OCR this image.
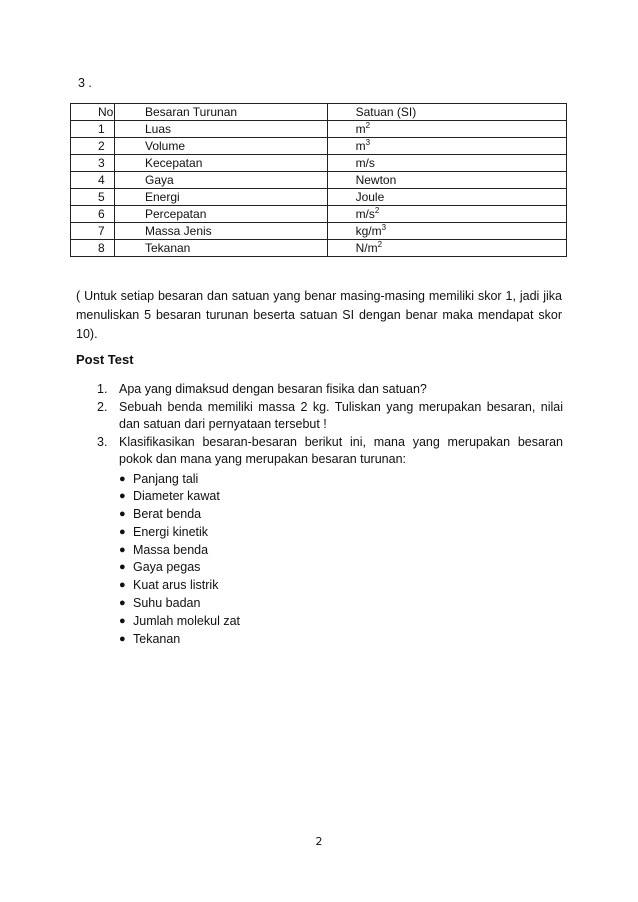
3 .
No	Besaran Turunan	Satuan (SI)
1	Luas	$m^2$
2	Volume	$m^3$
3	Kecepatan	m/s
4	Gaya	Newton
5	Energi	Joule
6	Percepatan	$m/s^2$
7	Massa Jenis	$kg/m^3$
8	Tekanan	$N/m^2$
( Untuk setiap besaran dan satuan yang benar masing-masing memiliki skor 1, jadi jika menuliskan 5 besaran turunan beserta satuan SI dengan benar maka mendapat skor 10).
Post Test
1. Apa yang dimaksud dengan besaran fisika dan satuan?
2. Sebuah benda memiliki massa 2 kg. Tuliskan yang merupakan besaran, nilai dan satuan dari pernyataan tersebut !
3. Klasifikasikan besaran-besaran berikut ini, mana yang merupakan besaran pokok dan mana yang merupakan besaran turunan:
● Panjang tali
● Diameter kawat
● Berat benda
● Energi kinetik
● Massa benda
● Gaya pegas
● Kuat arus listrik
● Suhu badan
● Jumlah molekul zat
● Tekanan
2
